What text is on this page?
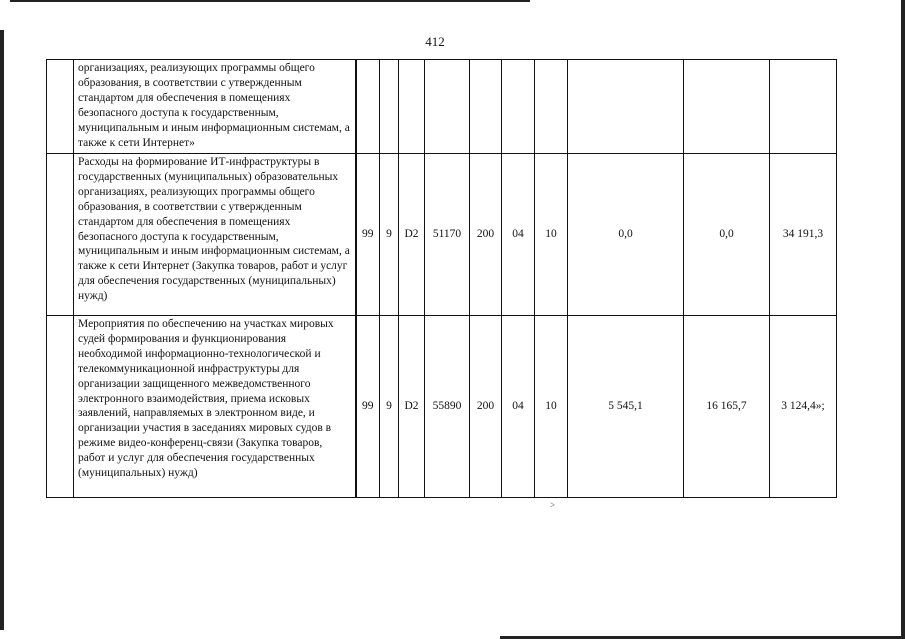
412
	организациях, реализующих программы общего образования, в соответствии с утвержденным стандартом для обеспечения в помещениях безопасного доступа к государственным, муниципальным и иным информационным системам, а также к сети Интернет»										
	Расходы на формирование ИТ-инфраструктуры в государственных (муниципальных) образовательных организациях, реализующих программы общего образования, в соответствии с утвержденным стандартом для обеспечения в помещениях безопасного доступа к государственным, муниципальным и иным информационным системам, а также к сети Интернет (Закупка товаров, работ и услуг для обеспечения государственных (муниципальных) нужд)	99	9	D2	51170	200	04	10	0,0	0,0	34 191,3
	Мероприятия по обеспечению на участках мировых судей формирования и функционирования необходимой информационно-технологической и телекоммуникационной инфраструктуры для организации защищенного межведомственного электронного взаимодействия, приема исковых заявлений, направляемых в электронном виде, и организации участия в заседаниях мировых судов в режиме видео-конференц-связи (Закупка товаров, работ и услуг для обеспечения государственных (муниципальных) нужд)	99	9	D2	55890	200	04	10	5 545,1	16 165,7	3 124,4»;
˃
